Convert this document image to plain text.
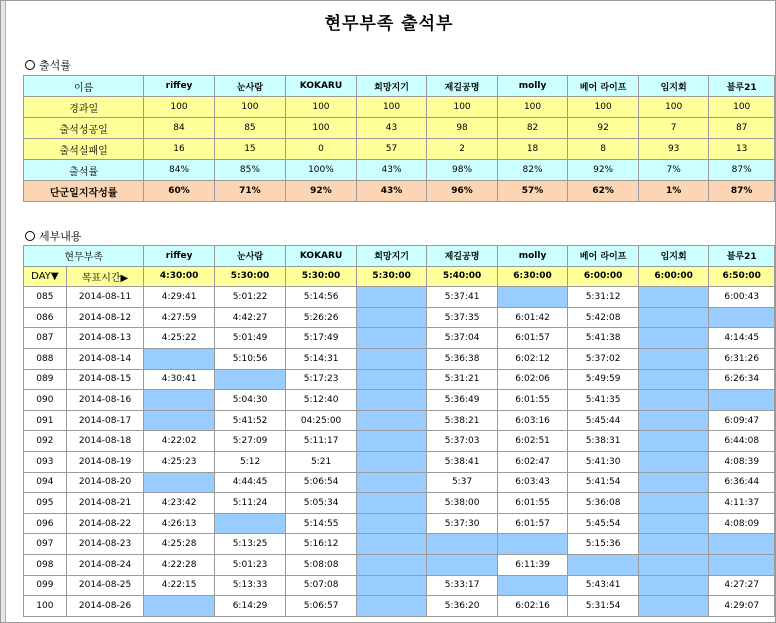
현무부족 출석부
출석률
이름	riffey	눈사람	KOKARU	희망지기	제길공명	molly	베어 라이프	임지회	블루21
경과일	100	100	100	100	100	100	100	100	100
출석성공일	84	85	100	43	98	82	92	7	87
출석실패일	16	15	0	57	2	18	8	93	13
출석률	84%	85%	100%	43%	98%	82%	92%	7%	87%
단군일지작성률	60%	71%	92%	43%	96%	57%	62%	1%	87%
세부내용
현무부족		riffey	눈사람	KOKARU	희망지기	제길공명	molly	베어 라이프	임지회	블루21
DAY▼	목표시간▶	4:30:00	5:30:00	5:30:00	5:30:00	5:40:00	6:30:00	6:00:00	6:00:00	6:50:00
085	2014-08-11	4:29:41	5:01:22	5:14:56		5:37:41		5:31:12		6:00:43
086	2014-08-12	4:27:59	4:42:27	5:26:26		5:37:35	6:01:42	5:42:08		
087	2014-08-13	4:25:22	5:01:49	5:17:49		5:37:04	6:01:57	5:41:38		4:14:45
088	2014-08-14		5:10:56	5:14:31		5:36:38	6:02:12	5:37:02		6:31:26
089	2014-08-15	4:30:41		5:17:23		5:31:21	6:02:06	5:49:59		6:26:34
090	2014-08-16		5:04:30	5:12:40		5:36:49	6:01:55	5:41:35		
091	2014-08-17		5:41:52	04:25:00		5:38:21	6:03:16	5:45:44		6:09:47
092	2014-08-18	4:22:02	5:27:09	5:11:17		5:37:03	6:02:51	5:38:31		6:44:08
093	2014-08-19	4:25:23	5:12	5:21		5:38:41	6:02:47	5:41:30		4:08:39
094	2014-08-20		4:44:45	5:06:54		5:37	6:03:43	5:41:54		6:36:44
095	2014-08-21	4:23:42	5:11:24	5:05:34		5:38:00	6:01:55	5:36:08		4:11:37
096	2014-08-22	4:26:13		5:14:55		5:37:30	6:01:57	5:45:54		4:08:09
097	2014-08-23	4:25:28	5:13:25	5:16:12				5:15:36		
098	2014-08-24	4:22:28	5:01:23	5:08:08			6:11:39			
099	2014-08-25	4:22:15	5:13:33	5:07:08		5:33:17		5:43:41		4:27:27
100	2014-08-26		6:14:29	5:06:57		5:36:20	6:02:16	5:31:54		4:29:07
